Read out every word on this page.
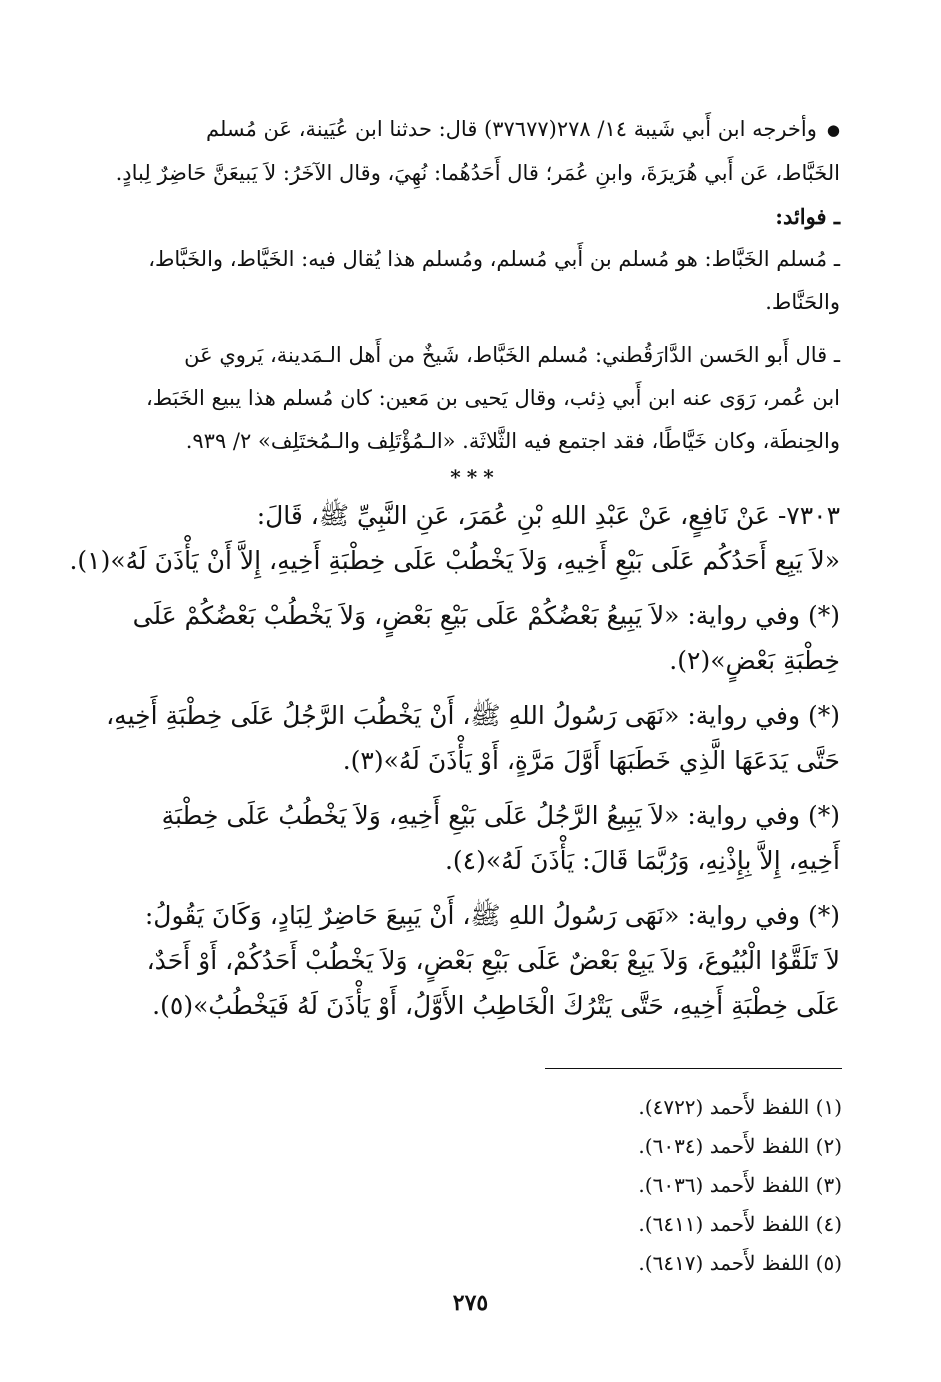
● وأخرجه ابن أَبي شَيبة ١٤/ ٢٧٨(٣٧٦٧٧) قال: حدثنا ابن عُيَينة، عَن مُسلم
الخَبَّاط، عَن أَبي هُرَيرَةَ، وابنِ عُمَر؛ قال أَحَدُهُما: نُهِيَ، وقال الآخَرُ: لاَ يَبيعَنَّ حَاضِرٌ لِبادٍ.
ـ فوائد:
ـ مُسلم الخَبَّاط: هو مُسلم بن أَبي مُسلم، ومُسلم هذا يُقال فيه: الخَيَّاط، والخَبَّاط،
والحَنَّاط.
ـ قال أَبو الحَسن الدَّارَقُطني: مُسلم الخَبَّاط، شَيخٌ من أَهل الـمَدينة، يَروي عَن
ابن عُمر، رَوَى عنه ابن أَبي ذِئب، وقال يَحيى بن مَعين: كان مُسلم هذا يبيع الخَبَط،
والحِنطَة، وكان خَيَّاطًا، فقد اجتمع فيه الثَّلاثَة. «الـمُؤْتَلِف والـمُختَلِف» ٢/ ٩٣٩.
***
٧٣٠٣- عَنْ نَافِعٍ، عَنْ عَبْدِ اللهِ بْنِ عُمَرَ، عَنِ النَّبِيِّ ﷺ، قَالَ:
«لاَ يَبِع أَحَدُكُم عَلَى بَيْعِ أَخِيهِ، وَلاَ يَخْطُبْ عَلَى خِطْبَةِ أَخِيهِ، إِلاَّ أَنْ يَأْذَنَ لَهُ»(١).
(*) وفي رواية: «لاَ يَبِيعُ بَعْضُكُمْ عَلَى بَيْعِ بَعْضٍ، وَلاَ يَخْطُبْ بَعْضُكُمْ عَلَى
خِطْبَةِ بَعْضٍ»(٢).
(*) وفي رواية: «نَهَى رَسُولُ اللهِ ﷺ، أَنْ يَخْطُبَ الرَّجُلُ عَلَى خِطْبَةِ أَخِيهِ،
حَتَّى يَدَعَهَا الَّذِي خَطَبَهَا أَوَّلَ مَرَّةٍ، أَوْ يَأْذَنَ لَهُ»(٣).
(*) وفي رواية: «لاَ يَبِيعُ الرَّجُلُ عَلَى بَيْعِ أَخِيهِ، وَلاَ يَخْطُبُ عَلَى خِطْبَةِ
أَخِيهِ، إِلاَّ بِإِذْنِهِ، وَرُبَّمَا قَالَ: يَأْذَنَ لَهُ»(٤).
(*) وفي رواية: «نَهَى رَسُولُ اللهِ ﷺ، أَنْ يَبِيعَ حَاضِرٌ لِبَادٍ، وَكَانَ يَقُولُ:
لاَ تَلَقَّوُا الْبُيُوعَ، وَلاَ يَبِعْ بَعْضٌ عَلَى بَيْعِ بَعْضٍ، وَلاَ يَخْطُبْ أَحَدُكُمْ، أَوْ أَحَدٌ،
عَلَى خِطْبَةِ أَخِيهِ، حَتَّى يَتْرُكَ الْخَاطِبُ الأَوَّلُ، أَوْ يَأْذَنَ لَهُ فَيَخْطُبُ»(٥).
(١) اللفظ لأَحمد (٤٧٢٢).
(٢) اللفظ لأَحمد (٦٠٣٤).
(٣) اللفظ لأَحمد (٦٠٣٦).
(٤) اللفظ لأَحمد (٦٤١١).
(٥) اللفظ لأَحمد (٦٤١٧).
٢٧٥
